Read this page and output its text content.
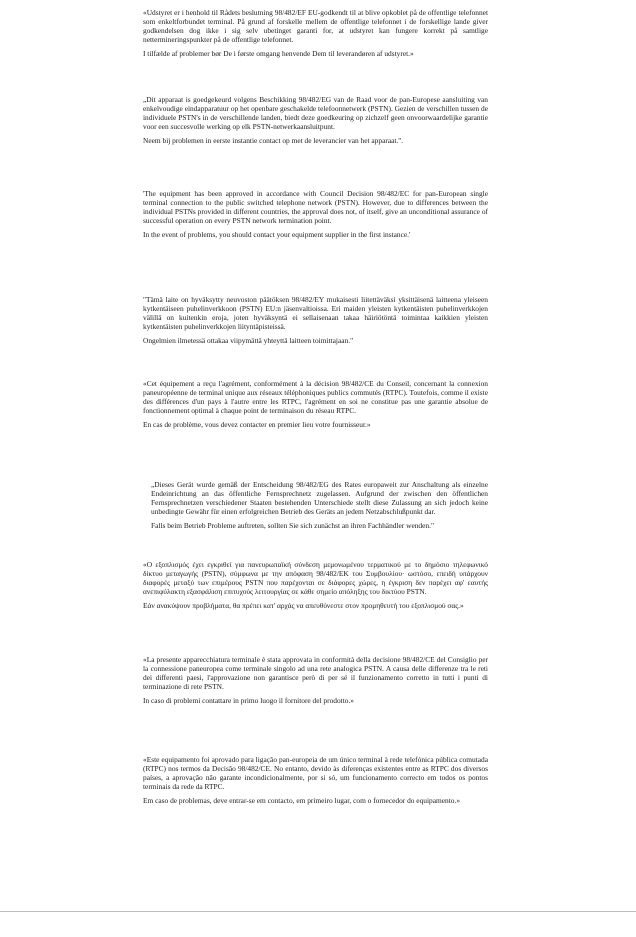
«Udstyret er i henhold til Rådets beslutning 98/482/EF EU-godkendt til at blive opkoblet på de offentlige telefonnet som enkeltforbundet terminal. På grund af forskelle mellem de offentlige telefonnet i de forskellige lande giver godkendelsen dog ikke i sig selv ubetinget garanti for, at udstyret kan fungere korrekt på samtlige nettermineringspunkter på de offentlige telefonnet.

I tilfælde af problemer bør De i første omgang henvende Dem til leverandøren af udstyret.»

„Dit apparaat is goedgekeurd volgens Beschikking 98/482/EG van de Raad voor de pan-Europese aansluiting van enkelvoudige eindapparatuur op het openbare geschakelde telefoonnetwerk (PSTN). Gezien de verschillen tussen de individuele PSTN's in de verschillende landen, biedt deze goedkeuring op zichzelf geen onvoorwaardelijke garantie voor een succesvolle werking op elk PSTN-netwerkaansluitpunt.

Neem bij problemen in eerste instantie contact op met de leverancier van het apparaat.".

'The equipment has been approved in accordance with Council Decision 98/482/EC for pan-European single terminal connection to the public switched telephone network (PSTN). However, due to differences between the individual PSTNs provided in different countries, the approval does not, of itself, give an unconditional assurance of successful operation on every PSTN network termination point.

In the event of problems, you should contact your equipment supplier in the first instance.'

"Tämä laite on hyväksytty neuvoston päätöksen 98/482/EY mukaisesti liitettäväksi yksittäisenä laitteena yleiseen kytkentäiseen puhelinverkkoon (PSTN) EU:n jäsenvaltioissa. Eri maiden yleisten kytkentäisten puhelinverkkojen välillä on kuitenkin eroja, joten hyväksyntä ei sellaisenaan takaa häiriötöntä toimintaa kaikkien yleisten kytkentäisten puhelinverkkojen liityntäpisteissä.

Ongelmien ilmetessä ottakaa viipymättä yhteyttä laitteen toimittajaan."

«Cet équipement a reçu l'agrément, conformément à la décision 98/482/CE du Conseil, concernant la connexion paneuropéenne de terminal unique aux réseaux téléphoniques publics commutés (RTPC). Toutefois, comme il existe des différences d'un pays à l'autre entre les RTPC, l'agrément en soi ne constitue pas une garantie absolue de fonctionnement optimal à chaque point de terminaison du réseau RTPC.

En cas de problème, vous devez contacter en premier lieu votre fournisseur.»

„Dieses Gerät wurde gemäß der Entscheidung 98/482/EG des Rates europaweit zur Anschaltung als einzelne Endeinrichtung an das öffentliche Fernsprechnetz zugelassen. Aufgrund der zwischen den öffentlichen Fernsprechnetzen verschiedener Staaten bestehenden Unterschiede stellt diese Zulassung an sich jedoch keine unbedingte Gewähr für einen erfolgreichen Betrieb des Geräts an jedem Netzabschlußpunkt dar.

Falls beim Betrieb Probleme auftreten, sollten Sie sich zunächst an ihren Fachhändler wenden."

«Ο εξοπλισμός έχει εγκριθεί για πανευρωπαϊκή σύνδεση μεμονωμένου τερματικού με το δημόσιο τηλεφωνικό δίκτυο μεταγωγής (PSTN), σύμφωνα με την απόφαση 98/482/ΕΚ του Συμβουλίου· ωστόσο, επειδή υπάρχουν διαφορές μεταξύ των επιμέρους PSTN που παρέχονται σε διάφορες χώρες, η έγκριση δεν παρέχει αφ' εαυτής ανεπιφύλακτη εξασφάλιση επιτυχούς λειτουργίας σε κάθε σημείο απόληξης του δικτύου PSTN.

Εάν ανακύψουν προβλήματα, θα πρέπει κατ' αρχάς να απευθύνεστε στον προμηθευτή του εξοπλισμού σας.»

«La presente apparecchiatura terminale è stata approvata in conformità della decisione 98/482/CE del Consiglio per la connessione paneuropea come terminale singolo ad una rete analogica PSTN. A causa delle differenze tra le reti dei differenti paesi, l'approvazione non garantisce però di per sé il funzionamento corretto in tutti i punti di terminazione di rete PSTN.

In caso di problemi contattare in primo luogo il fornitore del prodotto.»

«Este equipamento foi aprovado para ligação pan-europeia de um único terminal à rede telefónica pública comutada (RTPC) nos termos da Decisão 98/482/CE. No entanto, devido às diferenças existentes entre as RTPC dos diversos países, a aprovação não garante incondicionalmente, por si só, um funcionamento correcto em todos os pontos terminais da rede da RTPC.

Em caso de problemas, deve entrar-se em contacto, em primeiro lugar, com o fornecedor do equipamento.»
